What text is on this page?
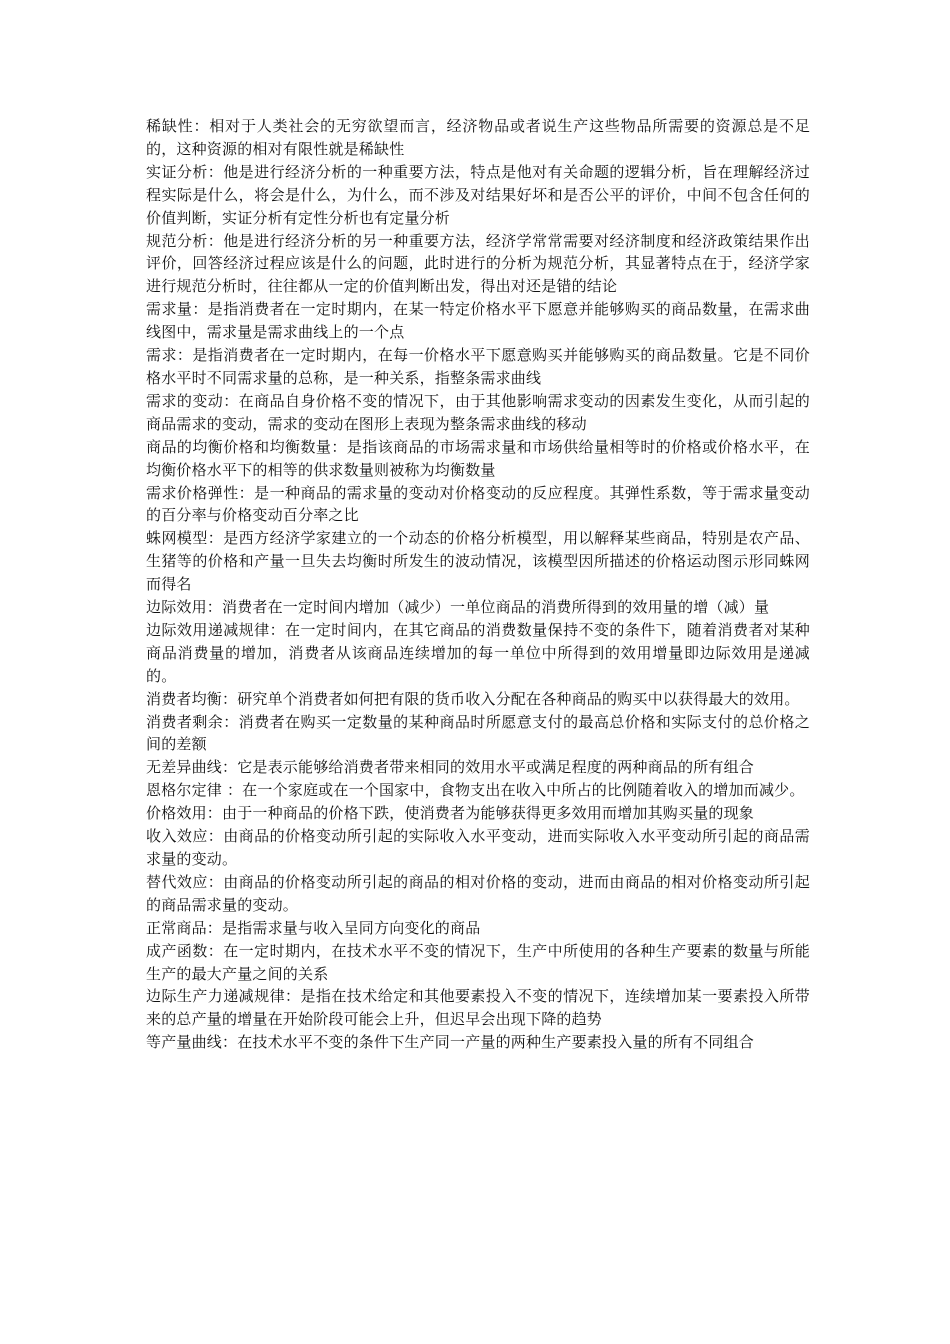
稀缺性：相对于人类社会的无穷欲望而言，经济物品或者说生产这些物品所需要的资源总是不足的，这种资源的相对有限性就是稀缺性

实证分析：他是进行经济分析的一种重要方法，特点是他对有关命题的逻辑分析，旨在理解经济过程实际是什么，将会是什么，为什么，而不涉及对结果好坏和是否公平的评价，中间不包含任何的价值判断，实证分析有定性分析也有定量分析

规范分析：他是进行经济分析的另一种重要方法，经济学常常需要对经济制度和经济政策结果作出评价，回答经济过程应该是什么的问题，此时进行的分析为规范分析，其显著特点在于，经济学家进行规范分析时，往往都从一定的价值判断出发，得出对还是错的结论

需求量：是指消费者在一定时期内，在某一特定价格水平下愿意并能够购买的商品数量，在需求曲线图中，需求量是需求曲线上的一个点

需求：是指消费者在一定时期内，在每一价格水平下愿意购买并能够购买的商品数量。它是不同价格水平时不同需求量的总称，是一种关系，指整条需求曲线

需求的变动：在商品自身价格不变的情况下，由于其他影响需求变动的因素发生变化，从而引起的商品需求的变动，需求的变动在图形上表现为整条需求曲线的移动

商品的均衡价格和均衡数量：是指该商品的市场需求量和市场供给量相等时的价格或价格水平，在均衡价格水平下的相等的供求数量则被称为均衡数量

需求价格弹性：是一种商品的需求量的变动对价格变动的反应程度。其弹性系数，等于需求量变动的百分率与价格变动百分率之比

蛛网模型：是西方经济学家建立的一个动态的价格分析模型，用以解释某些商品，特别是农产品、生猪等的价格和产量一旦失去均衡时所发生的波动情况，该模型因所描述的价格运动图示形同蛛网而得名

边际效用：消费者在一定时间内增加（减少）一单位商品的消费所得到的效用量的增（减）量

边际效用递减规律：在一定时间内，在其它商品的消费数量保持不变的条件下，随着消费者对某种商品消费量的增加，消费者从该商品连续增加的每一单位中所得到的效用增量即边际效用是递减的。

消费者均衡：研究单个消费者如何把有限的货币收入分配在各种商品的购买中以获得最大的效用。

消费者剩余：消费者在购买一定数量的某种商品时所愿意支付的最高总价格和实际支付的总价格之间的差额

无差异曲线：它是表示能够给消费者带来相同的效用水平或满足程度的两种商品的所有组合

恩格尔定律 ：在一个家庭或在一个国家中，食物支出在收入中所占的比例随着收入的增加而减少。

价格效用：由于一种商品的价格下跌，使消费者为能够获得更多效用而增加其购买量的现象

收入效应：由商品的价格变动所引起的实际收入水平变动，进而实际收入水平变动所引起的商品需求量的变动。

替代效应：由商品的价格变动所引起的商品的相对价格的变动，进而由商品的相对价格变动所引起的商品需求量的变动。

正常商品：是指需求量与收入呈同方向变化的商品

成产函数：在一定时期内，在技术水平不变的情况下，生产中所使用的各种生产要素的数量与所能生产的最大产量之间的关系

边际生产力递减规律：是指在技术给定和其他要素投入不变的情况下，连续增加某一要素投入所带来的总产量的增量在开始阶段可能会上升，但迟早会出现下降的趋势

等产量曲线：在技术水平不变的条件下生产同一产量的两种生产要素投入量的所有不同组合
